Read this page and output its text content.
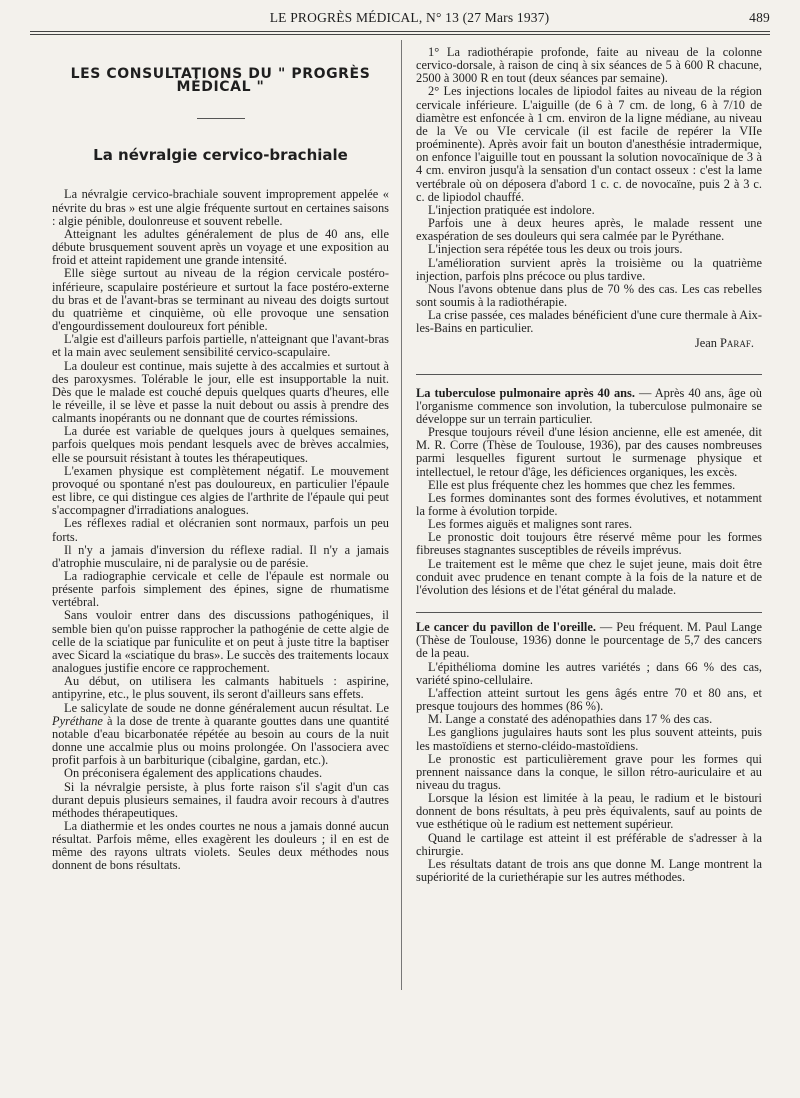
LE PROGRÈS MÉDICAL, N° 13 (27 Mars 1937)	489
LES CONSULTATIONS DU " PROGRÈS MÉDICAL "
La névralgie cervico-brachiale

La névralgie cervico-brachiale souvent improprement appelée « névrite du bras » est une algie fréquente surtout en certaines saisons : algie pénible, doulonreuse et souvent rebelle.

Atteignant les adultes généralement de plus de 40 ans, elle débute brusquement souvent après un voyage et une exposition au froid et atteint rapidement une grande intensité.

Elle siège surtout au niveau de la région cervicale postéro-inférieure, scapulaire postérieure et surtout la face postéro-externe du bras et de l'avant-bras se terminant au niveau des doigts surtout du quatrième et cinquième, où elle provoque une sensation d'engourdissement douloureux fort pénible.

L'algie est d'ailleurs parfois partielle, n'atteignant que l'avant-bras et la main avec seulement sensibilité cervico-scapulaire.

La douleur est continue, mais sujette à des accalmies et surtout à des paroxysmes. Tolérable le jour, elle est insupportable la nuit. Dès que le malade est couché depuis quelques quarts d'heures, elle le réveille, il se lève et passe la nuit debout ou assis à prendre des calmants inopérants ou ne donnant que de courtes rémissions.

La durée est variable de quelques jours à quelques semaines, parfois quelques mois pendant lesquels avec de brèves accalmies, elle se poursuit résistant à toutes les thérapeutiques.

L'examen physique est complètement négatif. Le mouvement provoqué ou spontané n'est pas douloureux, en particulier l'épaule est libre, ce qui distingue ces algies de l'arthrite de l'épaule qui peut s'accompagner d'irradiations analogues.

Les réflexes radial et olécranien sont normaux, parfois un peu forts.

Il n'y a jamais d'inversion du réflexe radial. Il n'y a jamais d'atrophie musculaire, ni de paralysie ou de parésie.

La radiographie cervicale et celle de l'épaule est normale ou présente parfois simplement des épines, signe de rhumatisme vertébral.

Sans vouloir entrer dans des discussions pathogéniques, il semble bien qu'on puisse rapprocher la pathogénie de cette algie de celle de la sciatique par funiculite et on peut à juste titre la baptiser avec Sicard la «sciatique du bras». Le succès des traitements locaux analogues justifie encore ce rapprochement.

Au début, on utilisera les calmants habituels : aspirine, antipyrine, etc., le plus souvent, ils seront d'ailleurs sans effets.

Le salicylate de soude ne donne généralement aucun résultat. Le Pyréthane à la dose de trente à quarante gouttes dans une quantité notable d'eau bicarbonatée répétée au besoin au cours de la nuit donne une accalmie plus ou moins prolongée. On l'associera avec profit parfois à un barbiturique (cibalgine, gardan, etc.).

On préconisera également des applications chaudes.

Si la névralgie persiste, à plus forte raison s'il s'agit d'un cas durant depuis plusieurs semaines, il faudra avoir recours à d'autres méthodes thérapeutiques.

La diathermie et les ondes courtes ne nous a jamais donné aucun résultat. Parfois même, elles exagèrent les douleurs ; il en est de même des rayons ultrats violets. Seules deux méthodes nous donnent de bons résultats.

1° La radiothérapie profonde, faite au niveau de la colonne cervico-dorsale, à raison de cinq à six séances de 5 à 600 R chacune, 2500 à 3000 R en tout (deux séances par semaine).

2° Les injections locales de lipiodol faites au niveau de la région cervicale inférieure. L'aiguille (de 6 à 7 cm. de long, 6 à 7/10 de diamètre est enfoncée à 1 cm. environ de la ligne médiane, au niveau de la Ve ou VIe cervicale (il est facile de repérer la VIIe proéminente). Après avoir fait un bouton d'anesthésie intradermique, on enfonce l'aiguille tout en poussant la solution novocaïnique de 3 à 4 cm. environ jusqu'à la sensation d'un contact osseux : c'est la lame vertébrale où on déposera d'abord 1 c. c. de novocaïne, puis 2 à 3 c. c. de lipiodol chauffé.

L'injection pratiquée est indolore.

Parfois une à deux heures après, le malade ressent une exaspération de ses douleurs qui sera calmée par le Pyréthane.

L'injection sera répétée tous les deux ou trois jours.

L'amélioration survient après la troisième ou la quatrième injection, parfois plns précoce ou plus tardive.

Nous l'avons obtenue dans plus de 70 % des cas. Les cas rebelles sont soumis à la radiothérapie.

La crise passée, ces malades bénéficient d'une cure thermale à Aix-les-Bains en particulier.

Jean Paraf.

La tuberculose pulmonaire après 40 ans. — Après 40 ans, âge où l'organisme commence son involution, la tuberculose pulmonaire se développe sur un terrain particulier.

Presque toujours réveil d'une lésion ancienne, elle est amenée, dit M. R. Corre (Thèse de Toulouse, 1936), par des causes nombreuses parmi lesquelles figurent surtout le surmenage physique et intellectuel, le retour d'âge, les déficiences organiques, les excès.

Elle est plus fréquente chez les hommes que chez les femmes.

Les formes dominantes sont des formes évolutives, et notamment la forme à évolution torpide.

Les formes aiguës et malignes sont rares.

Le pronostic doit toujours être réservé même pour les formes fibreuses stagnantes susceptibles de réveils imprévus.

Le traitement est le même que chez le sujet jeune, mais doit être conduit avec prudence en tenant compte à la fois de la nature et de l'évolution des lésions et de l'état général du malade.

Le cancer du pavillon de l'oreille. — Peu fréquent. M. Paul Lange (Thèse de Toulouse, 1936) donne le pourcentage de 5,7 des cancers de la peau.

L'épithélioma domine les autres variétés ; dans 66 % des cas, variété spino-cellulaire.

L'affection atteint surtout les gens âgés entre 70 et 80 ans, et presque toujours des hommes (86 %).

M. Lange a constaté des adénopathies dans 17 % des cas.

Les ganglions jugulaires hauts sont les plus souvent atteints, puis les mastoïdiens et sterno-cléido-mastoïdiens.

Le pronostic est particulièrement grave pour les formes qui prennent naissance dans la conque, le sillon rétro-auriculaire et au niveau du tragus.

Lorsque la lésion est limitée à la peau, le radium et le bistouri donnent de bons résultats, à peu près équivalents, sauf au points de vue esthétique où le radium est nettement supérieur.

Quand le cartilage est atteint il est préférable de s'adresser à la chirurgie.

Les résultats datant de trois ans que donne M. Lange montrent la supériorité de la curiethérapie sur les autres méthodes.
